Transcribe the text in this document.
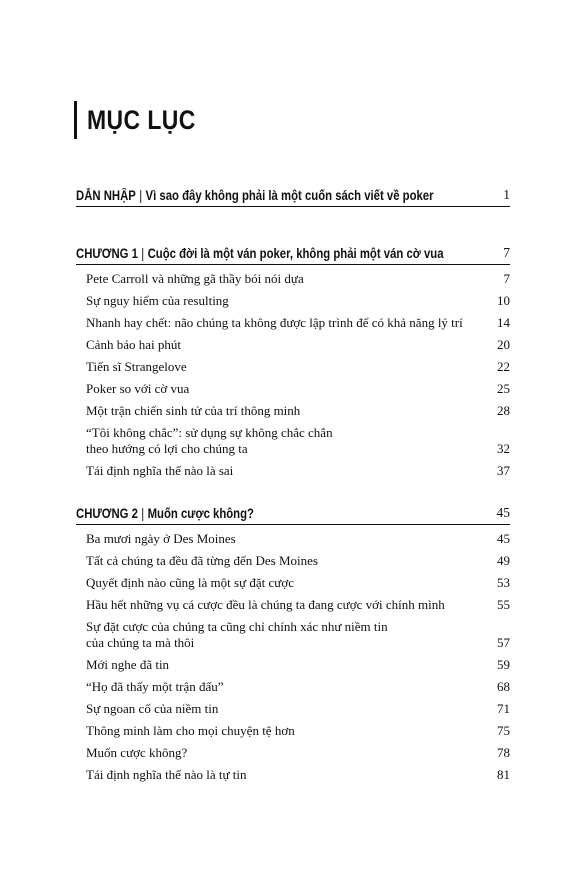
MỤC LỤC
DẪN NHẬP | Vì sao đây không phải là một cuốn sách viết về poker	1
CHƯƠNG 1 | Cuộc đời là một ván poker, không phải một ván cờ vua	7
Pete Carroll và những gã thầy bói nói dựa	7
Sự nguy hiểm của resulting	10
Nhanh hay chết: não chúng ta không được lập trình để có khả năng lý trí	14
Cảnh báo hai phút	20
Tiến sĩ Strangelove	22
Poker so với cờ vua	25
Một trận chiến sinh tử của trí thông minh	28
“Tôi không chắc”: sử dụng sự không chắc chắn
theo hướng có lợi cho chúng ta	32
Tái định nghĩa thế nào là sai	37
CHƯƠNG 2 | Muốn cược không?	45
Ba mươi ngày ở Des Moines	45
Tất cả chúng ta đều đã từng đến Des Moines	49
Quyết định nào cũng là một sự đặt cược	53
Hầu hết những vụ cá cược đều là chúng ta đang cược với chính mình	55
Sự đặt cược của chúng ta cũng chỉ chính xác như niềm tin
của chúng ta mà thôi	57
Mới nghe đã tin	59
“Họ đã thấy một trận đấu”	68
Sự ngoan cố của niềm tin	71
Thông minh làm cho mọi chuyện tệ hơn	75
Muốn cược không?	78
Tái định nghĩa thế nào là tự tin	81
